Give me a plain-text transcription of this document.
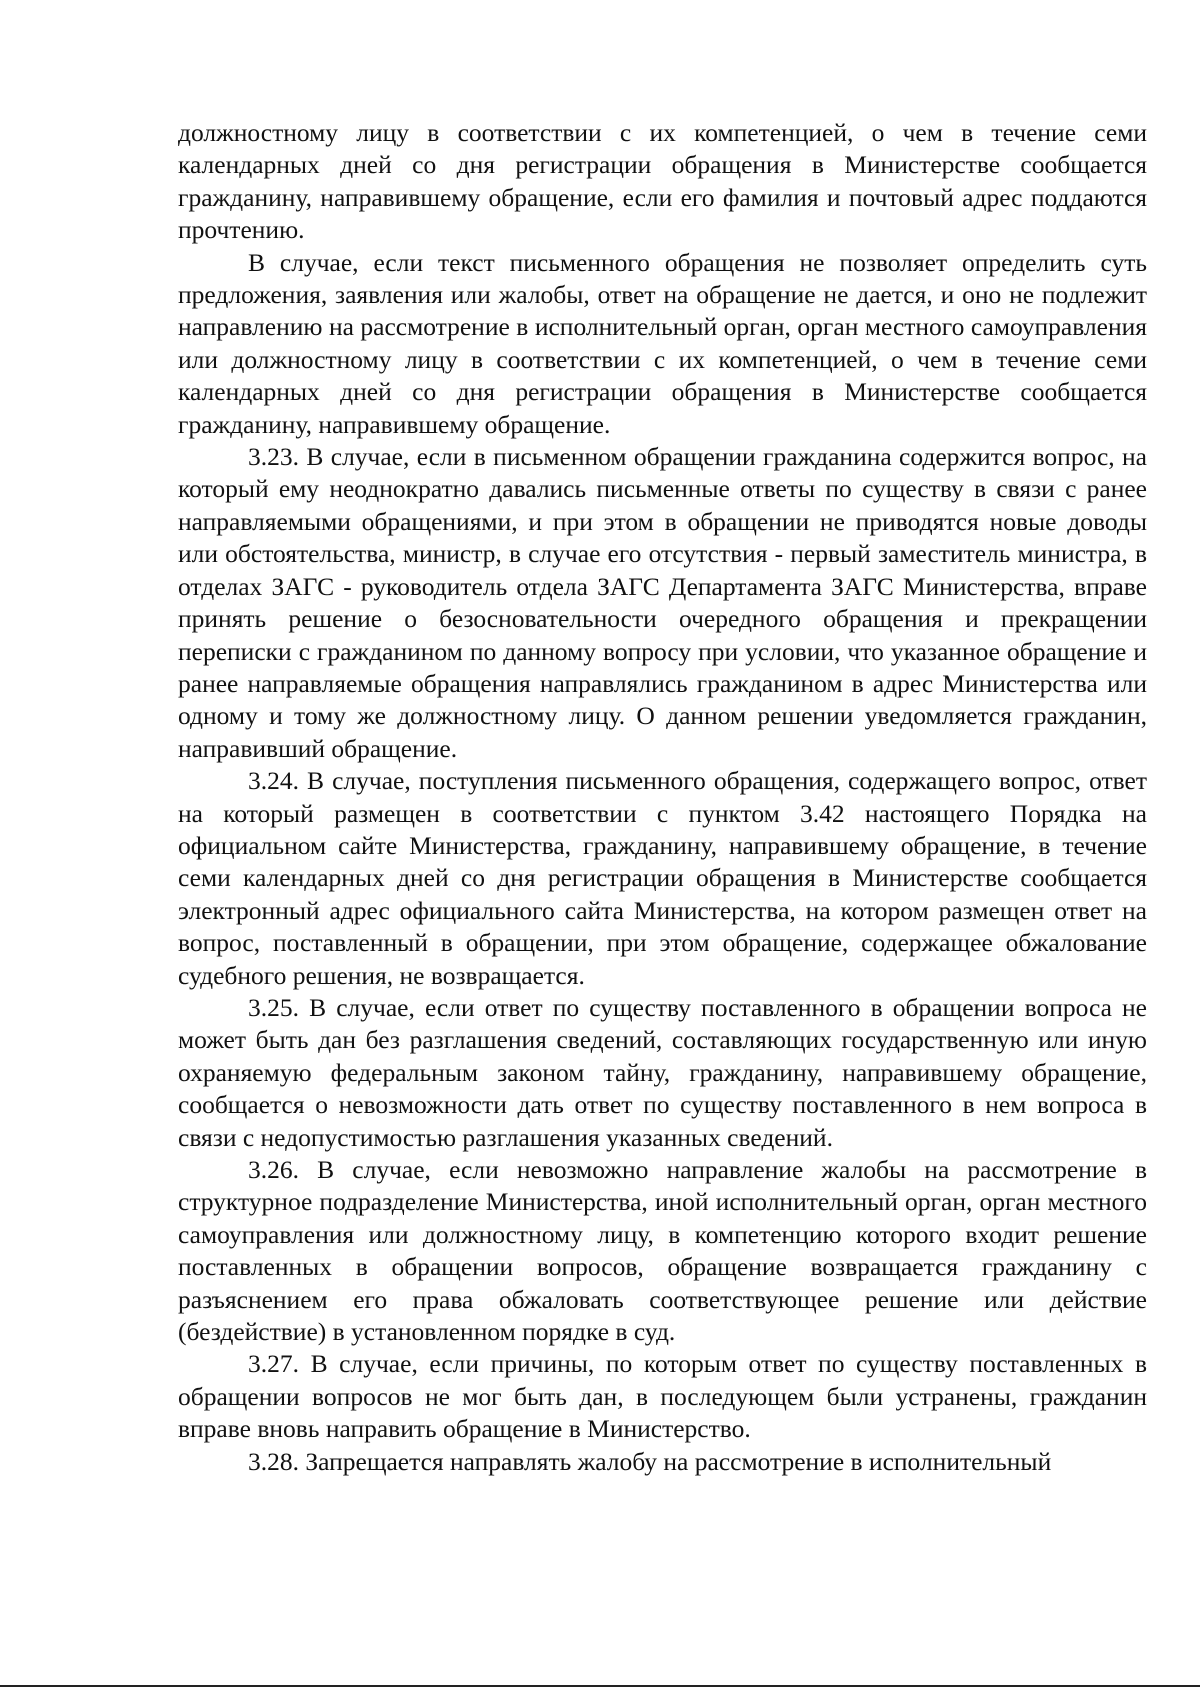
должностному лицу в соответствии с их компетенцией, о чем в течение семи календарных дней со дня регистрации обращения в Министерстве сообщается гражданину, направившему обращение, если его фамилия и почтовый адрес поддаются прочтению.

В случае, если текст письменного обращения не позволяет определить суть предложения, заявления или жалобы, ответ на обращение не дается, и оно не подлежит направлению на рассмотрение в исполнительный орган, орган местного самоуправления или должностному лицу в соответствии с их компетенцией, о чем в течение семи календарных дней со дня регистрации обращения в Министерстве сообщается гражданину, направившему обращение.

3.23. В случае, если в письменном обращении гражданина содержится вопрос, на который ему неоднократно давались письменные ответы по существу в связи с ранее направляемыми обращениями, и при этом в обращении не приводятся новые доводы или обстоятельства, министр, в случае его отсутствия - первый заместитель министра, в отделах ЗАГС - руководитель отдела ЗАГС Департамента ЗАГС Министерства, вправе принять решение о безосновательности очередного обращения и прекращении переписки с гражданином по данному вопросу при условии, что указанное обращение и ранее направляемые обращения направлялись гражданином в адрес Министерства или одному и тому же должностному лицу. О данном решении уведомляется гражданин, направивший обращение.

3.24. В случае, поступления письменного обращения, содержащего вопрос, ответ на который размещен в соответствии с пунктом 3.42 настоящего Порядка на официальном сайте Министерства, гражданину, направившему обращение, в течение семи календарных дней со дня регистрации обращения в Министерстве сообщается электронный адрес официального сайта Министерства, на котором размещен ответ на вопрос, поставленный в обращении, при этом обращение, содержащее обжалование судебного решения, не возвращается.

3.25. В случае, если ответ по существу поставленного в обращении вопроса не может быть дан без разглашения сведений, составляющих государственную или иную охраняемую федеральным законом тайну, гражданину, направившему обращение, сообщается о невозможности дать ответ по существу поставленного в нем вопроса в связи с недопустимостью разглашения указанных сведений.

3.26. В случае, если невозможно направление жалобы на рассмотрение в структурное подразделение Министерства, иной исполнительный орган, орган местного самоуправления или должностному лицу, в компетенцию которого входит решение поставленных в обращении вопросов, обращение возвращается гражданину с разъяснением его права обжаловать соответствующее решение или действие (бездействие) в установленном порядке в суд.

3.27. В случае, если причины, по которым ответ по существу поставленных в обращении вопросов не мог быть дан, в последующем были устранены, гражданин вправе вновь направить обращение в Министерство.

3.28. Запрещается направлять жалобу на рассмотрение в исполнительный
